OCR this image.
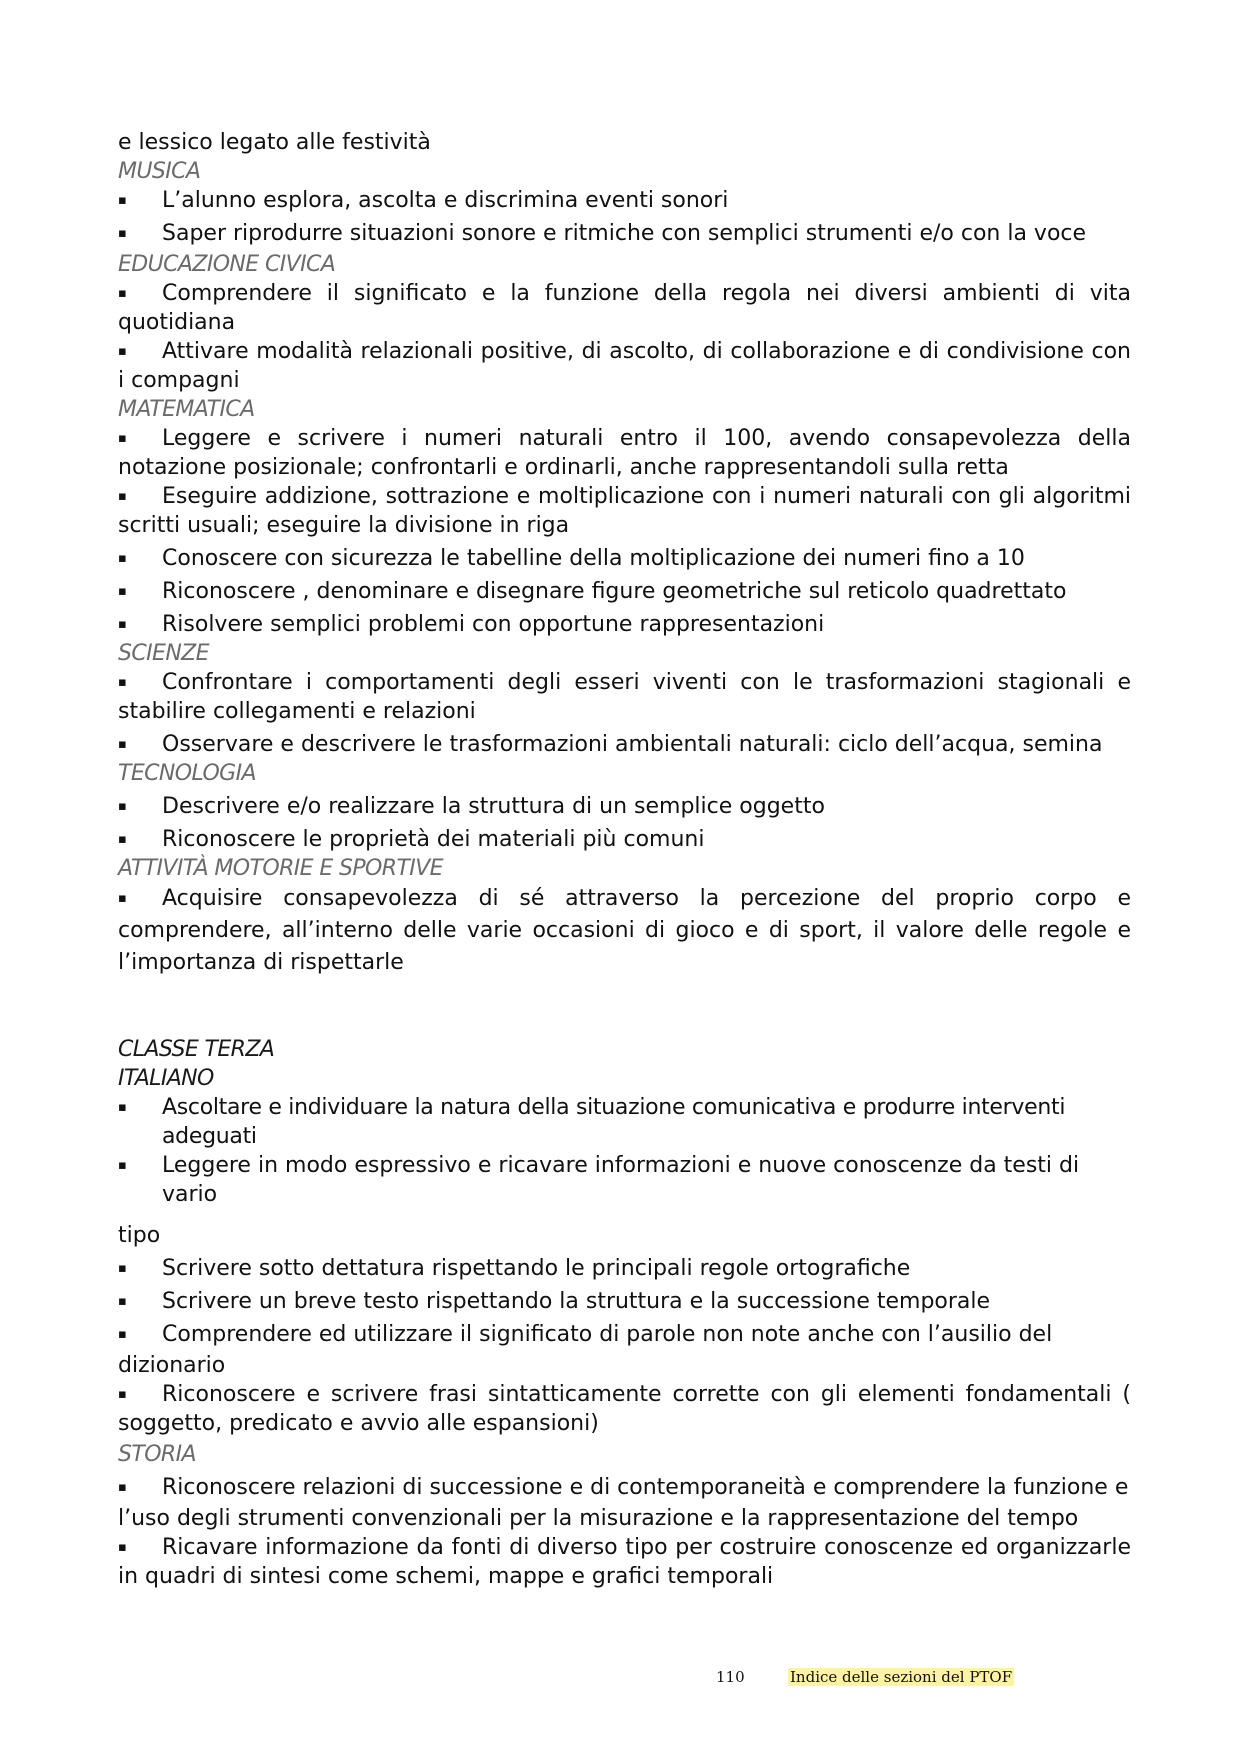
e lessico legato alle festività

MUSICA

▪	L’alunno esplora, ascolta e discrimina eventi sonori
▪	Saper riprodurre situazioni sonore e ritmiche con semplici strumenti e/o con la voce

EDUCAZIONE CIVICA

▪ Comprendere il significato e la funzione della regola nei diversi ambienti di vita quotidiana

▪ Attivare modalità relazionali positive, di ascolto, di collaborazione e di condivisione con i compagni

MATEMATICA

▪ Leggere e scrivere i numeri naturali entro il 100, avendo consapevolezza della notazione posizionale; confrontarli e ordinarli, anche rappresentandoli sulla retta

▪ Eseguire addizione, sottrazione e moltiplicazione con i numeri naturali con gli algoritmi scritti usuali; eseguire la divisione in riga

▪	Conoscere con sicurezza le tabelline della moltiplicazione dei numeri fino a 10
▪	Riconoscere , denominare e disegnare figure geometriche sul reticolo quadrettato
▪	Risolvere semplici problemi con opportune rappresentazioni

SCIENZE

▪ Confrontare i comportamenti degli esseri viventi con le trasformazioni stagionali e stabilire collegamenti e relazioni

▪	Osservare e descrivere le trasformazioni ambientali naturali: ciclo dell’acqua, semina

TECNOLOGIA

▪	Descrivere e/o realizzare la struttura di un semplice oggetto
▪	Riconoscere le proprietà dei materiali più comuni

ATTIVITÀ MOTORIE E SPORTIVE

▪ Acquisire consapevolezza di sé attraverso la percezione del proprio corpo e comprendere, all’interno delle varie occasioni di gioco e di sport, il valore delle regole e l’importanza di rispettarle

CLASSE TERZA

ITALIANO

▪	Ascoltare e individuare la natura della situazione comunicativa e produrre interventi adeguati
▪	Leggere in modo espressivo e ricavare informazioni e nuove conoscenze da testi di vario

tipo

▪	Scrivere sotto dettatura rispettando le principali regole ortografiche
▪	Scrivere un breve testo rispettando la struttura e la successione temporale
▪	Comprendere ed utilizzare il significato di parole non note anche con l’ausilio del

dizionario

▪ Riconoscere e scrivere frasi sintatticamente corrette con gli elementi fondamentali ( soggetto, predicato e avvio alle espansioni)

STORIA

▪	Riconoscere relazioni di successione e di contemporaneità e comprendere la funzione e

l’uso degli strumenti convenzionali per la misurazione e la rappresentazione del tempo

▪ Ricavare informazione da fonti di diverso tipo per costruire conoscenze ed organizzarle in quadri di sintesi come schemi, mappe e grafici temporali

110	Indice delle sezioni del PTOF
